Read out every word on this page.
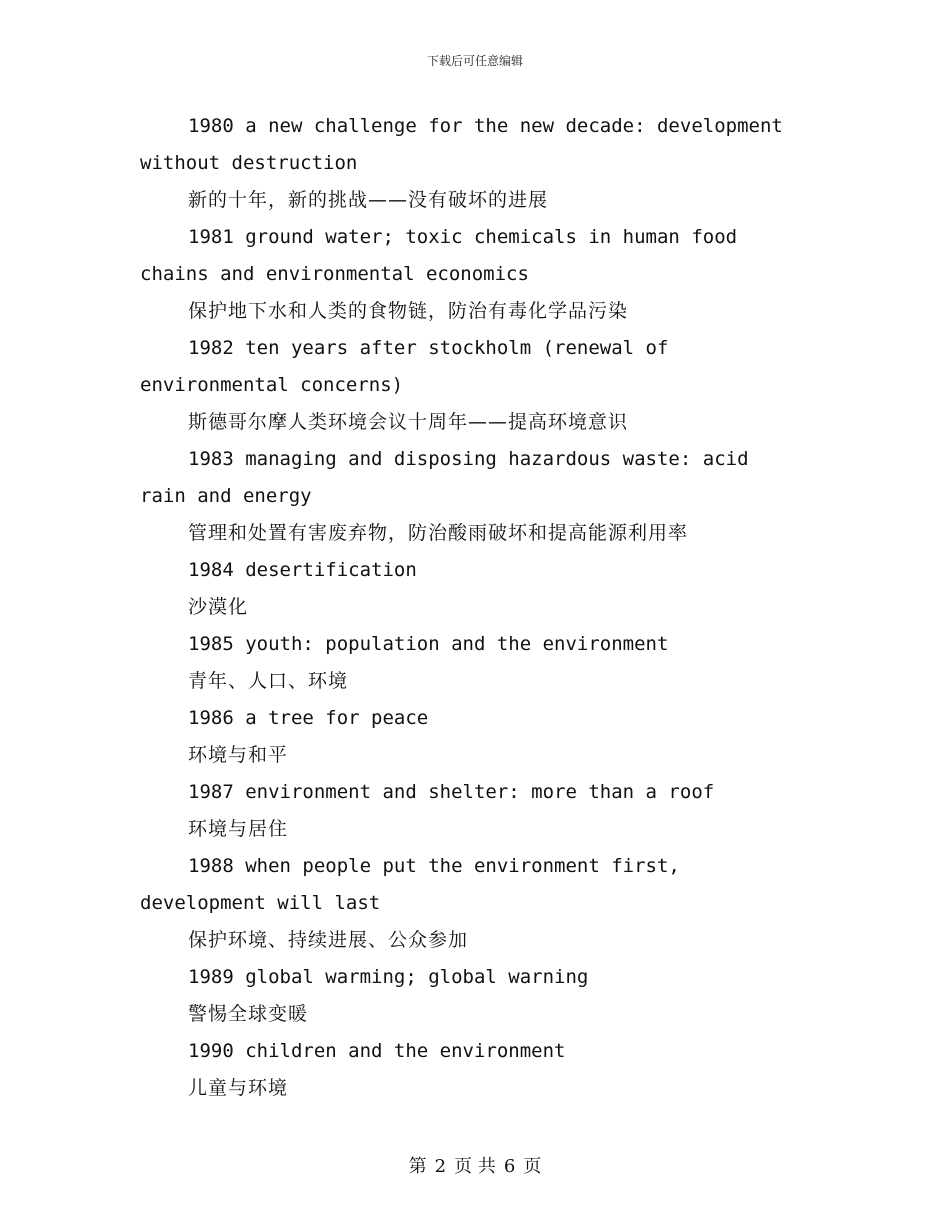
下载后可任意编辑

1980 a new challenge for the new decade: development without destruction

新的十年，新的挑战——没有破坏的进展

1981 ground water; toxic chemicals in human food chains and environmental economics

保护地下水和人类的食物链，防治有毒化学品污染

1982 ten years after stockholm (renewal of environmental concerns)

斯德哥尔摩人类环境会议十周年——提高环境意识

1983 managing and disposing hazardous waste: acid rain and energy

管理和处置有害废弃物，防治酸雨破坏和提高能源利用率

1984 desertification

沙漠化

1985 youth: population and the environment

青年、人口、环境

1986 a tree for peace

环境与和平

1987 environment and shelter: more than a roof

环境与居住

1988 when people put the environment first, development will last

保护环境、持续进展、公众参加

1989 global warming; global warning

警惕全球变暖

1990 children and the environment

儿童与环境

第 2 页 共 6 页
